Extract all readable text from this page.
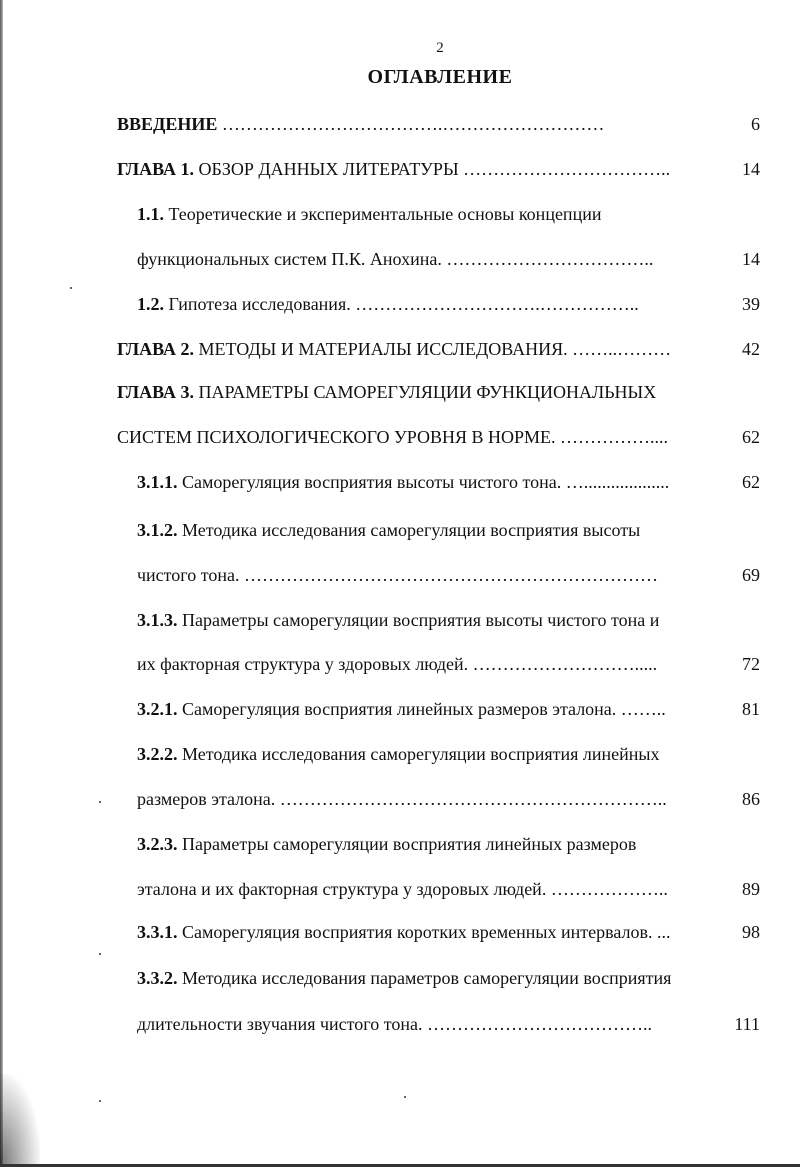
2
ОГЛАВЛЕНИЕ
ВВЕДЕНИЕ ……………………………….………………………	6
ГЛАВА 1. ОБЗОР ДАННЫХ ЛИТЕРАТУРЫ ……………………………..	14
1.1. Теоретические и экспериментальные основы концепции
функциональных систем П.К. Анохина. ……………………………..	14
1.2. Гипотеза исследования. ………………………….……………..	39
ГЛАВА 2. МЕТОДЫ И МАТЕРИАЛЫ ИССЛЕДОВАНИЯ. ……..………	42
ГЛАВА 3. ПАРАМЕТРЫ САМОРЕГУЛЯЦИИ ФУНКЦИОНАЛЬНЫХ
СИСТЕМ ПСИХОЛОГИЧЕСКОГО УРОВНЯ В НОРМЕ. ……………....	62
3.1.1. Саморегуляция восприятия высоты чистого тона. …...................	62
3.1.2. Методика исследования саморегуляции восприятия высоты
чистого тона. ……………………………………………………………	69
3.1.3. Параметры саморегуляции восприятия высоты чистого тона и
их факторная структура у здоровых людей. ……………………….....	72
3.2.1. Саморегуляция восприятия линейных размеров эталона. ……..	81
3.2.2. Методика исследования саморегуляции восприятия линейных
размеров эталона. ………………………………………………………..	86
3.2.3. Параметры саморегуляции восприятия линейных размеров
эталона и их факторная структура у здоровых людей. ………………..	89
3.3.1. Саморегуляция восприятия коротких временных интервалов. ...	98
3.3.2. Методика исследования параметров саморегуляции восприятия
длительности звучания чистого тона. ………………………………..	111
